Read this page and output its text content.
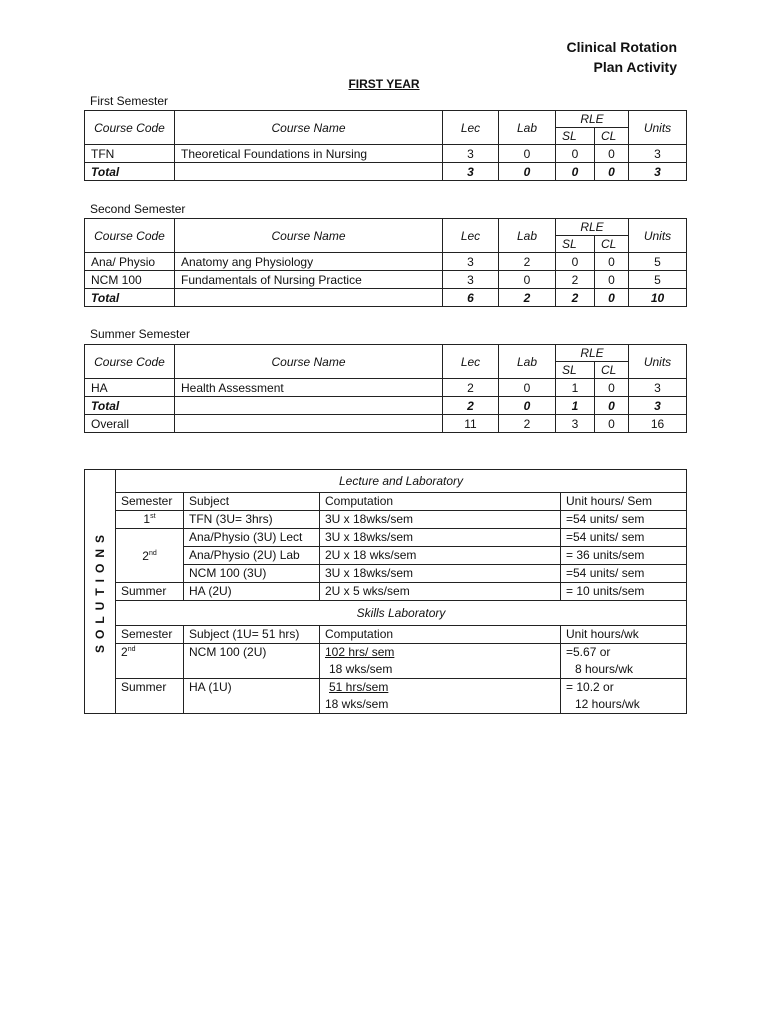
Clinical Rotation
Plan Activity
FIRST YEAR
First Semester
Course Code	Course Name	Lec	Lab	RLE		Units
				SL	CL	
TFN	Theoretical Foundations in Nursing	3	0	0	0	3
Total		3	0	0	0	3
Second Semester
Course Code	Course Name	Lec	Lab	RLE		Units
				SL	CL	
Ana/ Physio	Anatomy ang Physiology	3	2	0	0	5
NCM 100	Fundamentals of Nursing Practice	3	0	2	0	5
Total		6	2	2	0	10
Summer Semester
Course Code	Course Name	Lec	Lab	RLE		Units
				SL	CL	
HA	Health Assessment	2	0	1	0	3
Total		2	0	1	0	3
Overall		11	2	3	0	16
SOLUTIONS	Lecture and Laboratory			
	Semester	Subject	Computation	Unit hours/ Sem
	1st	TFN (3U= 3hrs)	3U x 18wks/sem	=54 units/ sem
	2nd	Ana/Physio (3U) Lect	3U x 18wks/sem	=54 units/ sem
		Ana/Physio (2U) Lab	2U x 18 wks/sem	= 36 units/sem
		NCM 100 (3U)	3U x 18wks/sem	=54 units/ sem
	Summer	HA (2U)	2U x 5 wks/sem	= 10 units/sem
	Skills Laboratory			
	Semester	Subject (1U= 51 hrs)	Computation	Unit hours/wk
	2nd	NCM 100 (2U)	102 hrs/ sem	=5.67 or
			18 wks/sem	8 hours/wk
	Summer	HA (1U)	51 hrs/sem	= 10.2 or
			18 wks/sem	12 hours/wk
